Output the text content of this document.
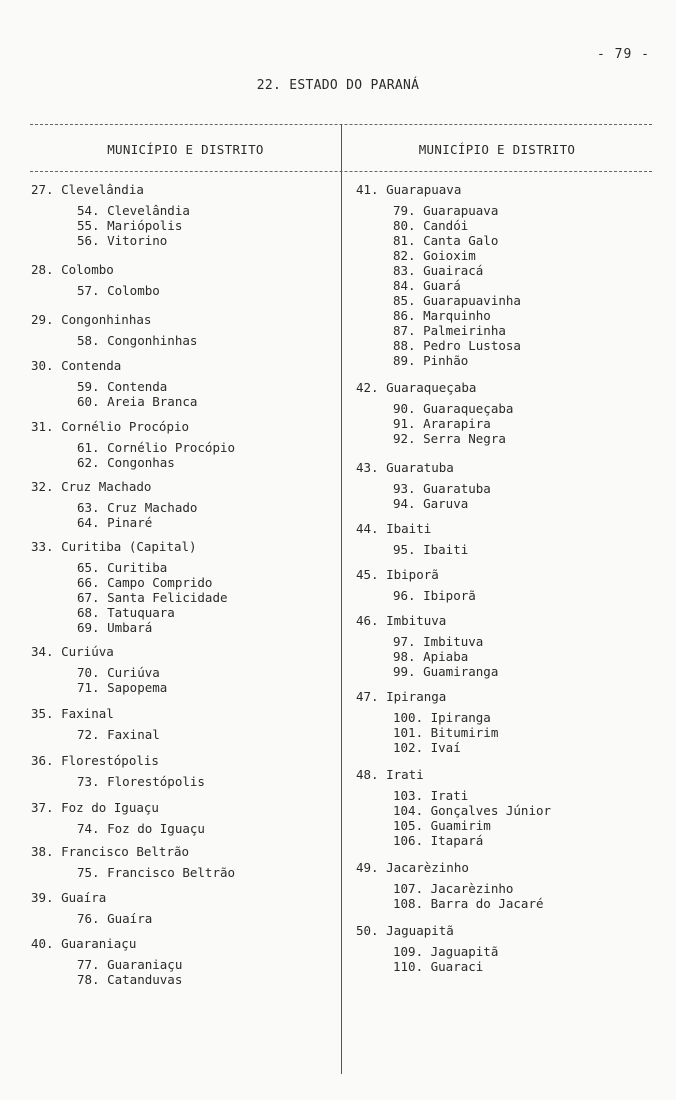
- 79 -
22. ESTADO DO PARANÁ
MUNICÍPIO E DISTRITO	MUNICÍPIO E DISTRITO
27. Clevelândia
54. Clevelândia
55. Mariópolis
56. Vitorino
28. Colombo
57. Colombo
29. Congonhinhas
58. Congonhinhas
30. Contenda
59. Contenda
60. Areia Branca
31. Cornélio Procópio
61. Cornélio Procópio
62. Congonhas
32. Cruz Machado
63. Cruz Machado
64. Pinaré
33. Curitiba (Capital)
65. Curitiba
66. Campo Comprido
67. Santa Felicidade
68. Tatuquara
69. Umbará
34. Curiúva
70. Curiúva
71. Sapopema
35. Faxinal
72. Faxinal
36. Florestópolis
73. Florestópolis
37. Foz do Iguaçu
74. Foz do Iguaçu
38. Francisco Beltrão
75. Francisco Beltrão
39. Guaíra
76. Guaíra
40. Guaraniaçu
77. Guaraniaçu
78. Catanduvas
41. Guarapuava
79. Guarapuava
80. Candói
81. Canta Galo
82. Goioxim
83. Guairacá
84. Guará
85. Guarapuavinha
86. Marquinho
87. Palmeirinha
88. Pedro Lustosa
89. Pinhão
42. Guaraqueçaba
90. Guaraqueçaba
91. Ararapira
92. Serra Negra
43. Guaratuba
93. Guaratuba
94. Garuva
44. Ibaiti
95. Ibaiti
45. Ibiporã
96. Ibiporã
46. Imbituva
97. Imbituva
98. Apiaba
99. Guamiranga
47. Ipiranga
100. Ipiranga
101. Bitumirim
102. Ivaí
48. Irati
103. Irati
104. Gonçalves Júnior
105. Guamirim
106. Itapará
49. Jacarèzinho
107. Jacarèzinho
108. Barra do Jacaré
50. Jaguapitã
109. Jaguapitã
110. Guaraci
